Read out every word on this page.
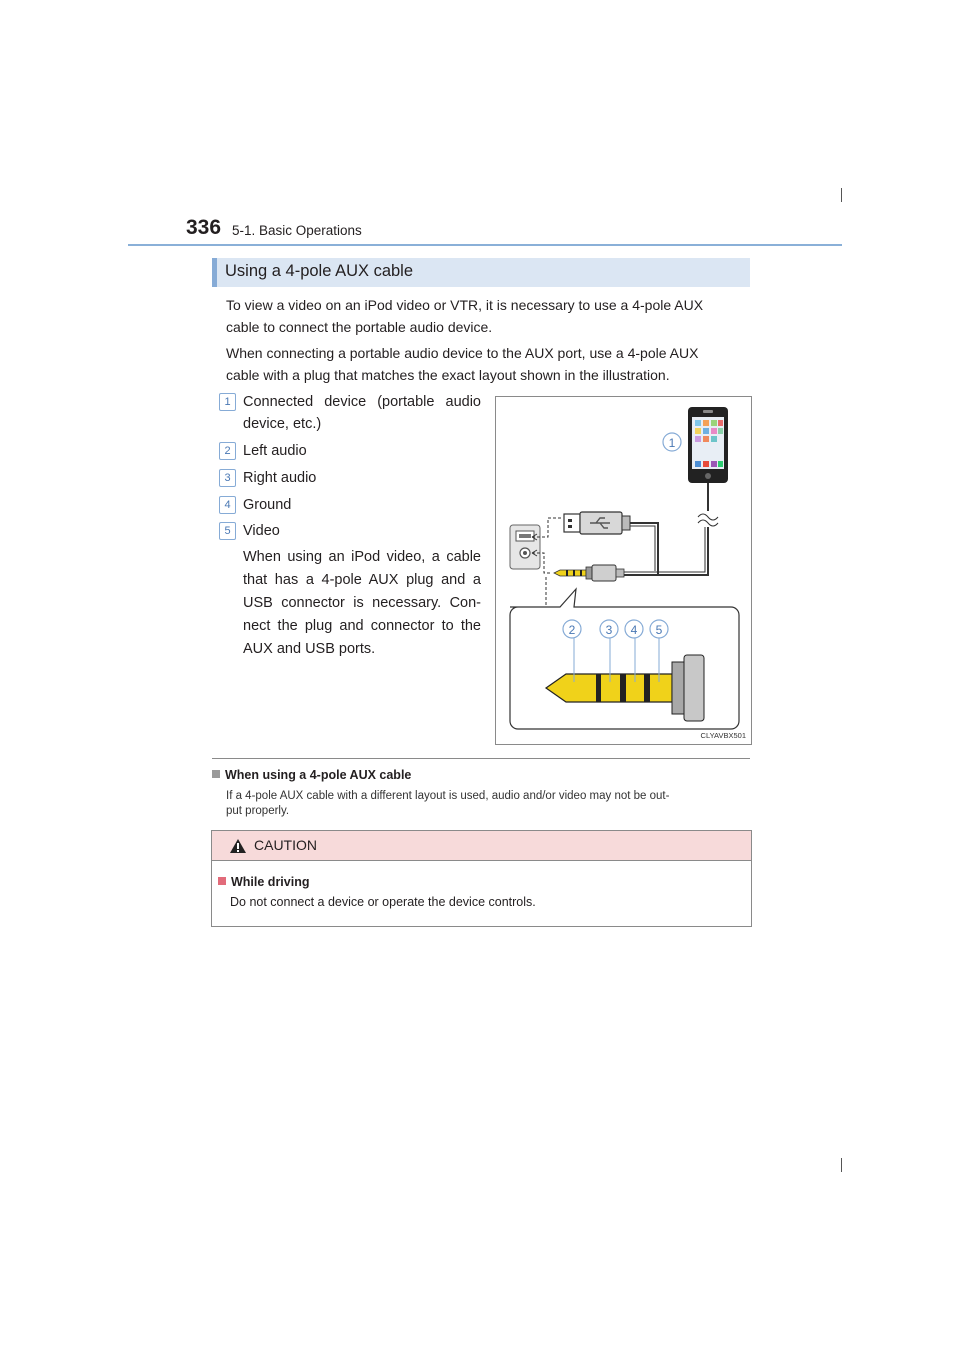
336 5-1. Basic Operations
Using a 4-pole AUX cable
To view a video on an iPod video or VTR, it is necessary to use a 4-pole AUX
cable to connect the portable audio device.
When connecting a portable audio device to the AUX port, use a 4-pole AUX
cable with a plug that matches the exact layout shown in the illustration.
1 Connected device (portable audio
device, etc.)
2 Left audio
3 Right audio
4 Ground
5 Video
When using an iPod video, a cable
that has a 4-pole AUX plug and a
USB connector is necessary. Con-
nect the plug and connector to the
AUX and USB ports.
1
2	3 4 5
CLYAVBX501
When using a 4-pole AUX cable
If a 4-pole AUX cable with a different layout is used, audio and/or video may not be out-
put properly.
CAUTION
While driving
Do not connect a device or operate the device controls.
